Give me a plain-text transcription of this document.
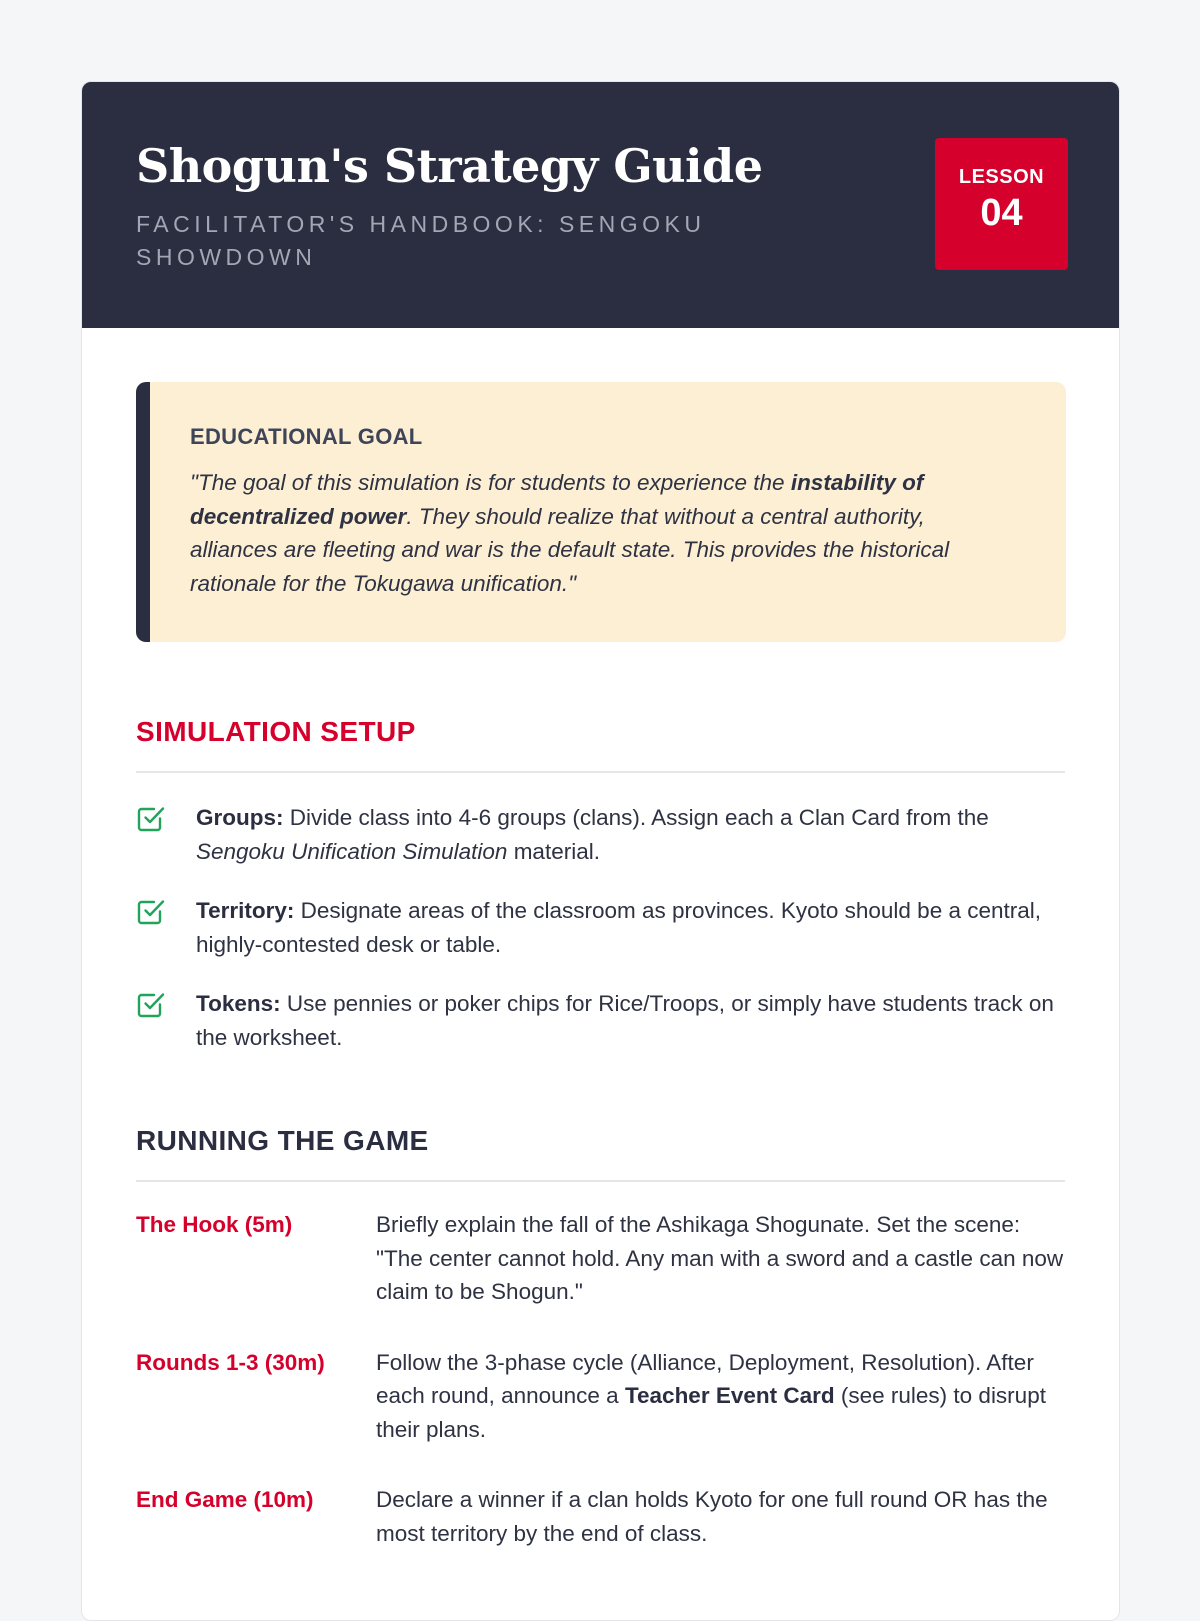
Shogun's Strategy Guide
FACILITATOR'S HANDBOOK: SENGOKU SHOWDOWN
LESSON
04
EDUCATIONAL GOAL

"The goal of this simulation is for students to experience the instability of decentralized power. They should realize that without a central authority, alliances are fleeting and war is the default state. This provides the historical rationale for the Tokugawa unification."

SIMULATION SETUP

Groups: Divide class into 4-6 groups (clans). Assign each a Clan Card from the Sengoku Unification Simulation material.

Territory: Designate areas of the classroom as provinces. Kyoto should be a central, highly-contested desk or table.

Tokens: Use pennies or poker chips for Rice/Troops, or simply have students track on the worksheet.

RUNNING THE GAME
The Hook (5m)	Briefly explain the fall of the Ashikaga Shogunate. Set the scene: "The center cannot hold. Any man with a sword and a castle can now claim to be Shogun."

Rounds 1-3 (30m)	Follow the 3-phase cycle (Alliance, Deployment, Resolution). After each round, announce a Teacher Event Card (see rules) to disrupt their plans.

End Game (10m)	Declare a winner if a clan holds Kyoto for one full round OR has the most territory by the end of class.
